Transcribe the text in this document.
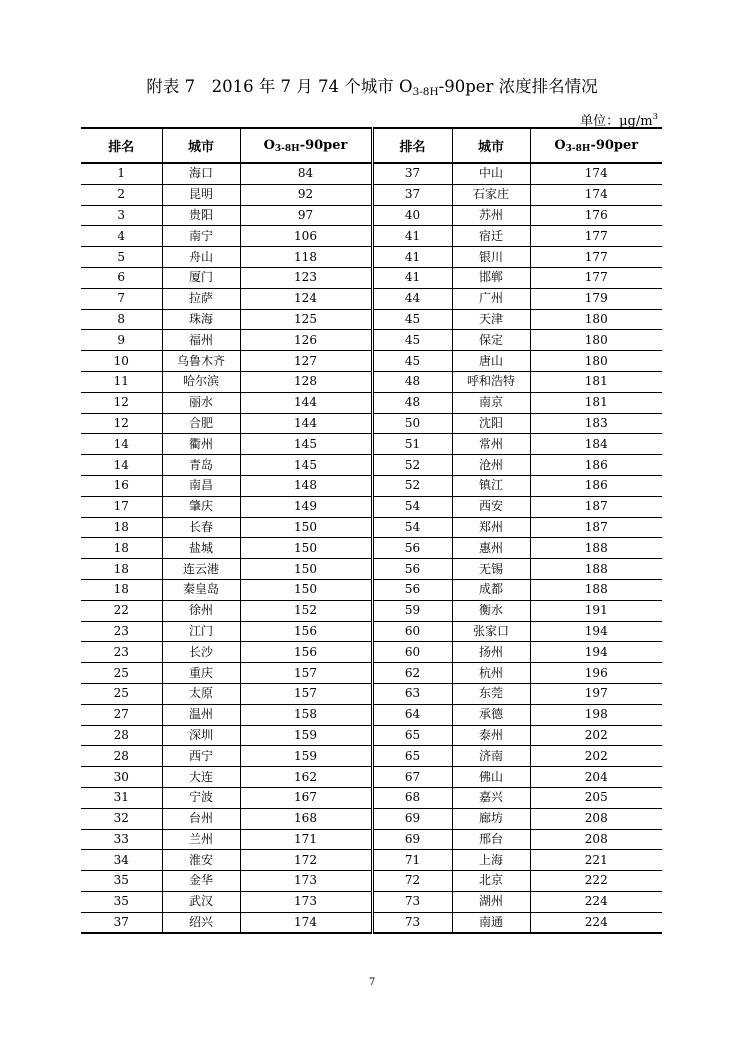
附表 7　2016 年 7 月 74 个城市 $O_{3-8H}-90per$ 浓度排名情况
单位：$\mu g/m^3$
排名	城市	$O_{3-8H}-90per$	排名	城市	$O_{3-8H}-90per$
1	海口	84	37	中山	174
2	昆明	92	37	石家庄	174
3	贵阳	97	40	苏州	176
4	南宁	106	41	宿迁	177
5	舟山	118	41	银川	177
6	厦门	123	41	邯郸	177
7	拉萨	124	44	广州	179
8	珠海	125	45	天津	180
9	福州	126	45	保定	180
10	乌鲁木齐	127	45	唐山	180
11	哈尔滨	128	48	呼和浩特	181
12	丽水	144	48	南京	181
12	合肥	144	50	沈阳	183
14	衢州	145	51	常州	184
14	青岛	145	52	沧州	186
16	南昌	148	52	镇江	186
17	肇庆	149	54	西安	187
18	长春	150	54	郑州	187
18	盐城	150	56	惠州	188
18	连云港	150	56	无锡	188
18	秦皇岛	150	56	成都	188
22	徐州	152	59	衡水	191
23	江门	156	60	张家口	194
23	长沙	156	60	扬州	194
25	重庆	157	62	杭州	196
25	太原	157	63	东莞	197
27	温州	158	64	承德	198
28	深圳	159	65	泰州	202
28	西宁	159	65	济南	202
30	大连	162	67	佛山	204
31	宁波	167	68	嘉兴	205
32	台州	168	69	廊坊	208
33	兰州	171	69	邢台	208
34	淮安	172	71	上海	221
35	金华	173	72	北京	222
35	武汉	173	73	湖州	224
37	绍兴	174	73	南通	224
7
